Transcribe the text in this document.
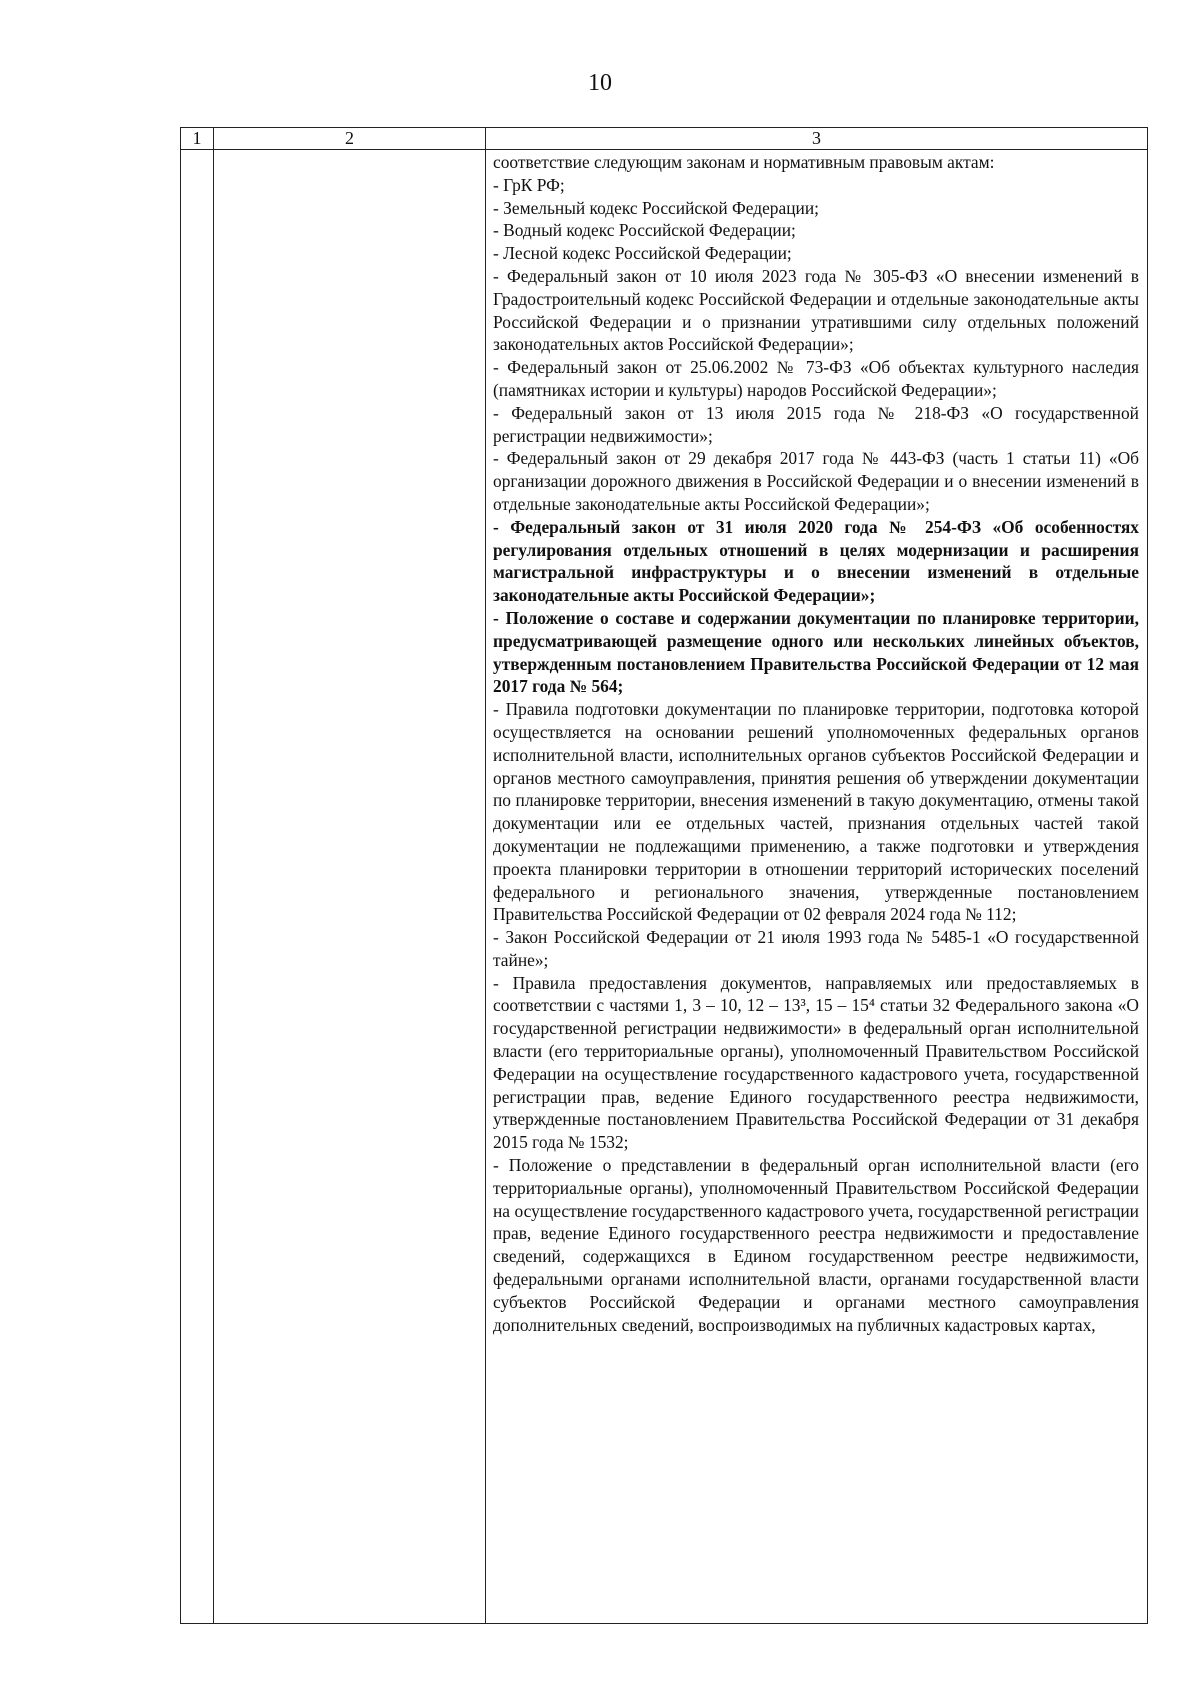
10
1	2	3

соответствие следующим законам и нормативным правовым актам:

- ГрК РФ;

- Земельный кодекс Российской Федерации;

- Водный кодекс Российской Федерации;

- Лесной кодекс Российской Федерации;

- Федеральный закон от 10 июля 2023 года № 305-ФЗ «О внесении изменений в Градостроительный кодекс Российской Федерации и отдельные законодательные акты Российской Федерации и о признании утратившими силу отдельных положений законодательных актов Российской Федерации»;

- Федеральный закон от 25.06.2002 № 73-ФЗ «Об объектах культурного наследия (памятниках истории и культуры) народов Российской Федерации»;

- Федеральный закон от 13 июля 2015 года № 218-ФЗ «О государственной регистрации недвижимости»;

- Федеральный закон от 29 декабря 2017 года № 443-ФЗ (часть 1 статьи 11) «Об организации дорожного движения в Российской Федерации и о внесении изменений в отдельные законодательные акты Российской Федерации»;

- Федеральный закон от 31 июля 2020 года № 254-ФЗ «Об особенностях регулирования отдельных отношений в целях модернизации и расширения магистральной инфраструктуры и о внесении изменений в отдельные законодательные акты Российской Федерации»;

- Положение о составе и содержании документации по планировке территории, предусматривающей размещение одного или нескольких линейных объектов, утвержденным постановлением Правительства Российской Федерации от 12 мая 2017 года № 564;

- Правила подготовки документации по планировке территории, подготовка которой осуществляется на основании решений уполномоченных федеральных органов исполнительной власти, исполнительных органов субъектов Российской Федерации и органов местного самоуправления, принятия решения об утверждении документации по планировке территории, внесения изменений в такую документацию, отмены такой документации или ее отдельных частей, признания отдельных частей такой документации не подлежащими применению, а также подготовки и утверждения проекта планировки территории в отношении территорий исторических поселений федерального и регионального значения, утвержденные постановлением Правительства Российской Федерации от 02 февраля 2024 года № 112;

- Закон Российской Федерации от 21 июля 1993 года № 5485-1 «О государственной тайне»;

- Правила предоставления документов, направляемых или предоставляемых в соответствии с частями 1, 3 – 10, 12 – 13³, 15 – 15⁴ статьи 32 Федерального закона «О государственной регистрации недвижимости» в федеральный орган исполнительной власти (его территориальные органы), уполномоченный Правительством Российской Федерации на осуществление государственного кадастрового учета, государственной регистрации прав, ведение Единого государственного реестра недвижимости, утвержденные постановлением Правительства Российской Федерации от 31 декабря 2015 года № 1532;

- Положение о представлении в федеральный орган исполнительной власти (его территориальные органы), уполномоченный Правительством Российской Федерации на осуществление государственного кадастрового учета, государственной регистрации прав, ведение Единого государственного реестра недвижимости и предоставление сведений, содержащихся в Едином государственном реестре недвижимости, федеральными органами исполнительной власти, органами государственной власти субъектов Российской Федерации и органами местного самоуправления дополнительных сведений, воспроизводимых на публичных кадастровых картах,
